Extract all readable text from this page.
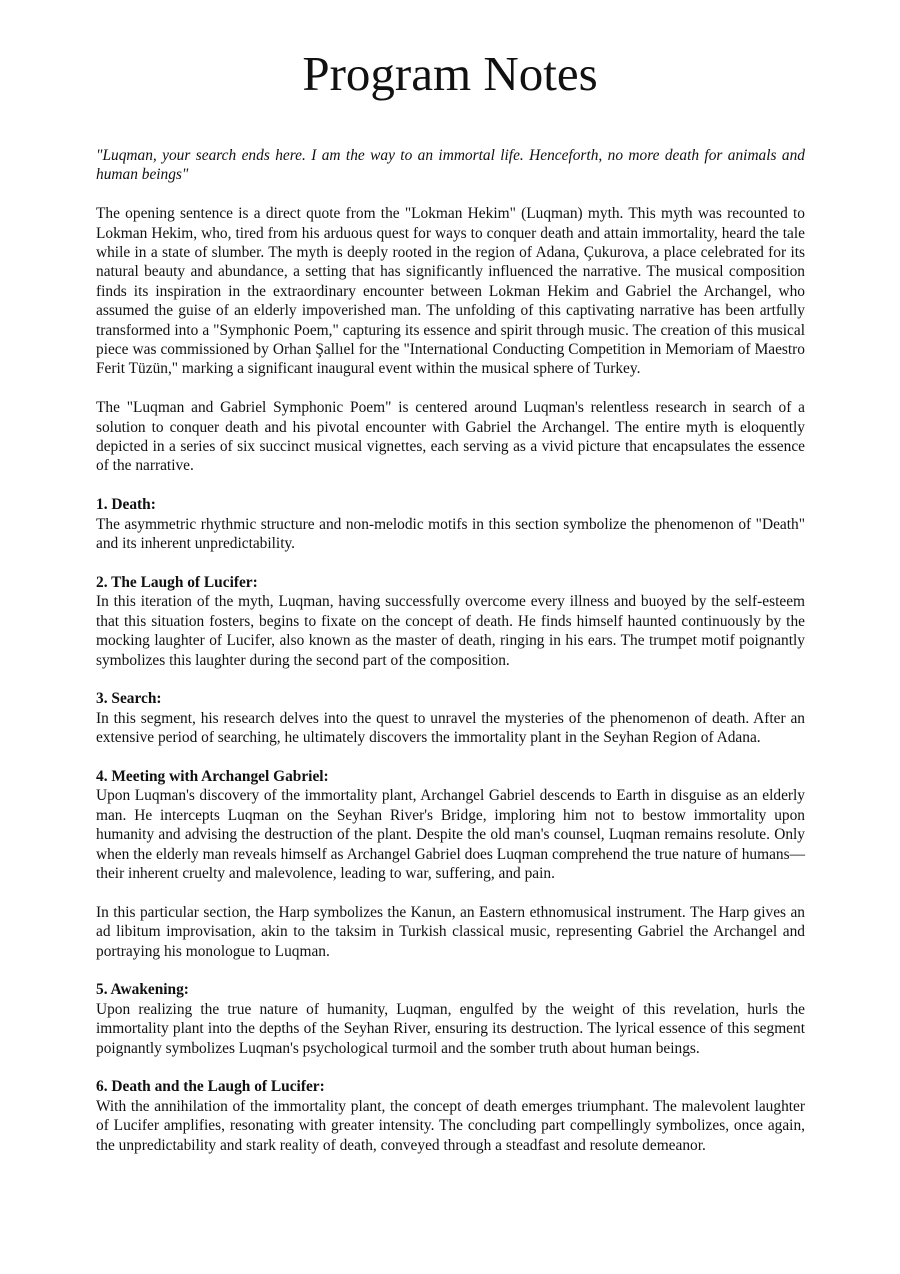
Program Notes

"Luqman, your search ends here. I am the way to an immortal life. Henceforth, no more death for animals and human beings"

The opening sentence is a direct quote from the "Lokman Hekim" (Luqman) myth. This myth was recounted to Lokman Hekim, who, tired from his arduous quest for ways to conquer death and attain immortality, heard the tale while in a state of slumber. The myth is deeply rooted in the region of Adana, Çukurova, a place celebrated for its natural beauty and abundance, a setting that has significantly influenced the narrative. The musical composition finds its inspiration in the extraordinary encounter between Lokman Hekim and Gabriel the Archangel, who assumed the guise of an elderly impoverished man. The unfolding of this captivating narrative has been artfully transformed into a "Symphonic Poem," capturing its essence and spirit through music. The creation of this musical piece was commissioned by Orhan Şallıel for the "International Conducting Competition in Memoriam of Maestro Ferit Tüzün," marking a significant inaugural event within the musical sphere of Turkey.

The "Luqman and Gabriel Symphonic Poem" is centered around Luqman's relentless research in search of a solution to conquer death and his pivotal encounter with Gabriel the Archangel. The entire myth is eloquently depicted in a series of six succinct musical vignettes, each serving as a vivid picture that encapsulates the essence of the narrative.

1. Death:

The asymmetric rhythmic structure and non-melodic motifs in this section symbolize the phenomenon of "Death" and its inherent unpredictability.

2. The Laugh of Lucifer:

In this iteration of the myth, Luqman, having successfully overcome every illness and buoyed by the self-esteem that this situation fosters, begins to fixate on the concept of death. He finds himself haunted continuously by the mocking laughter of Lucifer, also known as the master of death, ringing in his ears. The trumpet motif poignantly symbolizes this laughter during the second part of the composition.

3. Search:

In this segment, his research delves into the quest to unravel the mysteries of the phenomenon of death. After an extensive period of searching, he ultimately discovers the immortality plant in the Seyhan Region of Adana.

4. Meeting with Archangel Gabriel:

Upon Luqman's discovery of the immortality plant, Archangel Gabriel descends to Earth in disguise as an elderly man. He intercepts Luqman on the Seyhan River's Bridge, imploring him not to bestow immortality upon humanity and advising the destruction of the plant. Despite the old man's counsel, Luqman remains resolute. Only when the elderly man reveals himself as Archangel Gabriel does Luqman comprehend the true nature of humans—their inherent cruelty and malevolence, leading to war, suffering, and pain.

In this particular section, the Harp symbolizes the Kanun, an Eastern ethnomusical instrument. The Harp gives an ad libitum improvisation, akin to the taksim in Turkish classical music, representing Gabriel the Archangel and portraying his monologue to Luqman.

5. Awakening:

Upon realizing the true nature of humanity, Luqman, engulfed by the weight of this revelation, hurls the immortality plant into the depths of the Seyhan River, ensuring its destruction. The lyrical essence of this segment poignantly symbolizes Luqman's psychological turmoil and the somber truth about human beings.

6. Death and the Laugh of Lucifer:

With the annihilation of the immortality plant, the concept of death emerges triumphant. The malevolent laughter of Lucifer amplifies, resonating with greater intensity. The concluding part compellingly symbolizes, once again, the unpredictability and stark reality of death, conveyed through a steadfast and resolute demeanor.
